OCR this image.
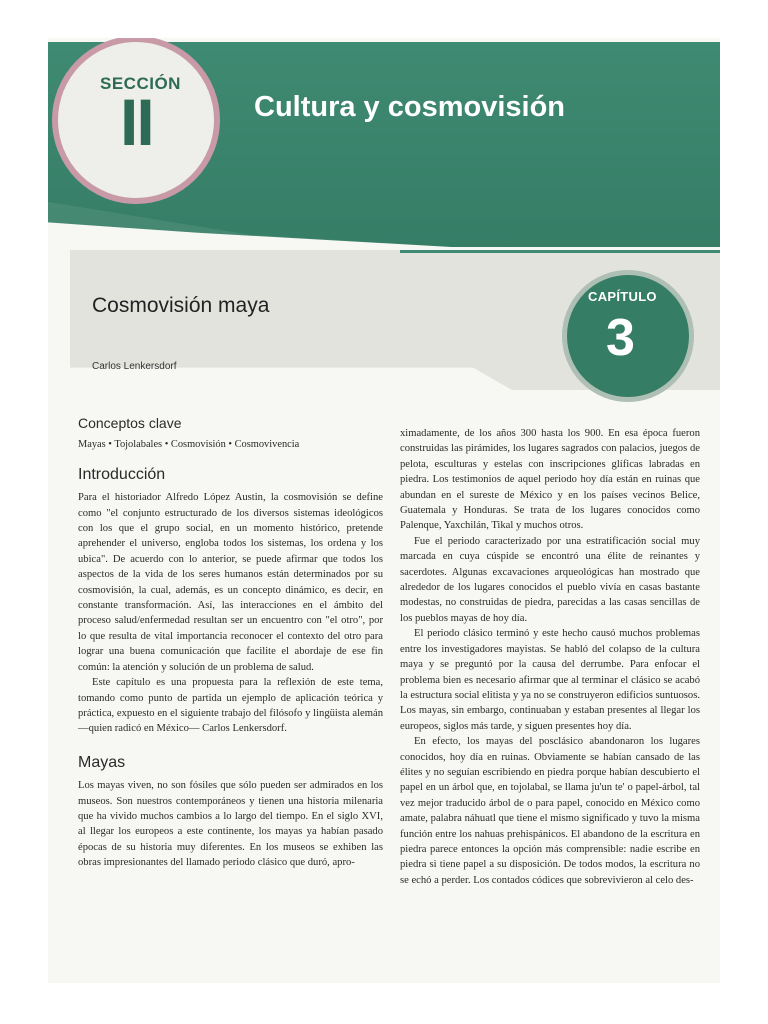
SECCIÓN
II	Cultura y cosmovisión
Cosmovisión maya
Carlos Lenkersdorf
CAPÍTULO
3
Conceptos clave
Mayas • Tojolabales • Cosmovisión • Cosmovivencia
Introducción

Para el historiador Alfredo López Austin, la cosmovisión se define como "el conjunto estructurado de los diversos sistemas ideológicos con los que el grupo social, en un momento histórico, pretende aprehender el universo, engloba todos los sistemas, los ordena y los ubica". De acuerdo con lo anterior, se puede afirmar que todos los aspectos de la vida de los seres humanos están determinados por su cosmovisión, la cual, además, es un concepto dinámico, es decir, en constante transformación. Así, las interacciones en el ámbito del proceso salud/enfermedad resultan ser un encuentro con "el otro", por lo que resulta de vital importancia reconocer el contexto del otro para lograr una buena comunicación que facilite el abordaje de ese fin común: la atención y solución de un problema de salud.

Este capítulo es una propuesta para la reflexión de este tema, tomando como punto de partida un ejemplo de aplicación teórica y práctica, expuesto en el siguiente trabajo del filósofo y lingüista alemán —quien radicó en México— Carlos Lenkersdorf.

Mayas

Los mayas viven, no son fósiles que sólo pueden ser admirados en los museos. Son nuestros contemporáneos y tienen una historia milenaria que ha vivido muchos cambios a lo largo del tiempo. En el siglo XVI, al llegar los europeos a este continente, los mayas ya habían pasado épocas de su historia muy diferentes. En los museos se exhiben las obras impresionantes del llamado periodo clásico que duró, apro-

ximadamente, de los años 300 hasta los 900. En esa época fueron construidas las pirámides, los lugares sagrados con palacios, juegos de pelota, esculturas y estelas con inscripciones glíficas labradas en piedra. Los testimonios de aquel periodo hoy día están en ruinas que abundan en el sureste de México y en los países vecinos Belice, Guatemala y Honduras. Se trata de los lugares conocidos como Palenque, Yaxchilán, Tikal y muchos otros.

Fue el periodo caracterizado por una estratificación social muy marcada en cuya cúspide se encontró una élite de reinantes y sacerdotes. Algunas excavaciones arqueológicas han mostrado que alrededor de los lugares conocidos el pueblo vivía en casas bastante modestas, no construidas de piedra, parecidas a las casas sencillas de los pueblos mayas de hoy día.

El periodo clásico terminó y este hecho causó muchos problemas entre los investigadores mayistas. Se habló del colapso de la cultura maya y se preguntó por la causa del derrumbe. Para enfocar el problema bien es necesario afirmar que al terminar el clásico se acabó la estructura social elitista y ya no se construyeron edificios suntuosos. Los mayas, sin embargo, continuaban y estaban presentes al llegar los europeos, siglos más tarde, y siguen presentes hoy día.

En efecto, los mayas del posclásico abandonaron los lugares conocidos, hoy día en ruinas. Obviamente se habían cansado de las élites y no seguían escribiendo en piedra porque habían descubierto el papel en un árbol que, en tojolabal, se llama ju'un te' o papel-árbol, tal vez mejor traducido árbol de o para papel, conocido en México como amate, palabra náhuatl que tiene el mismo significado y tuvo la misma función entre los nahuas prehispánicos. El abandono de la escritura en piedra parece entonces la opción más comprensible: nadie escribe en piedra si tiene papel a su disposición. De todos modos, la escritura no se echó a perder. Los contados códices que sobrevivieron al celo des-
